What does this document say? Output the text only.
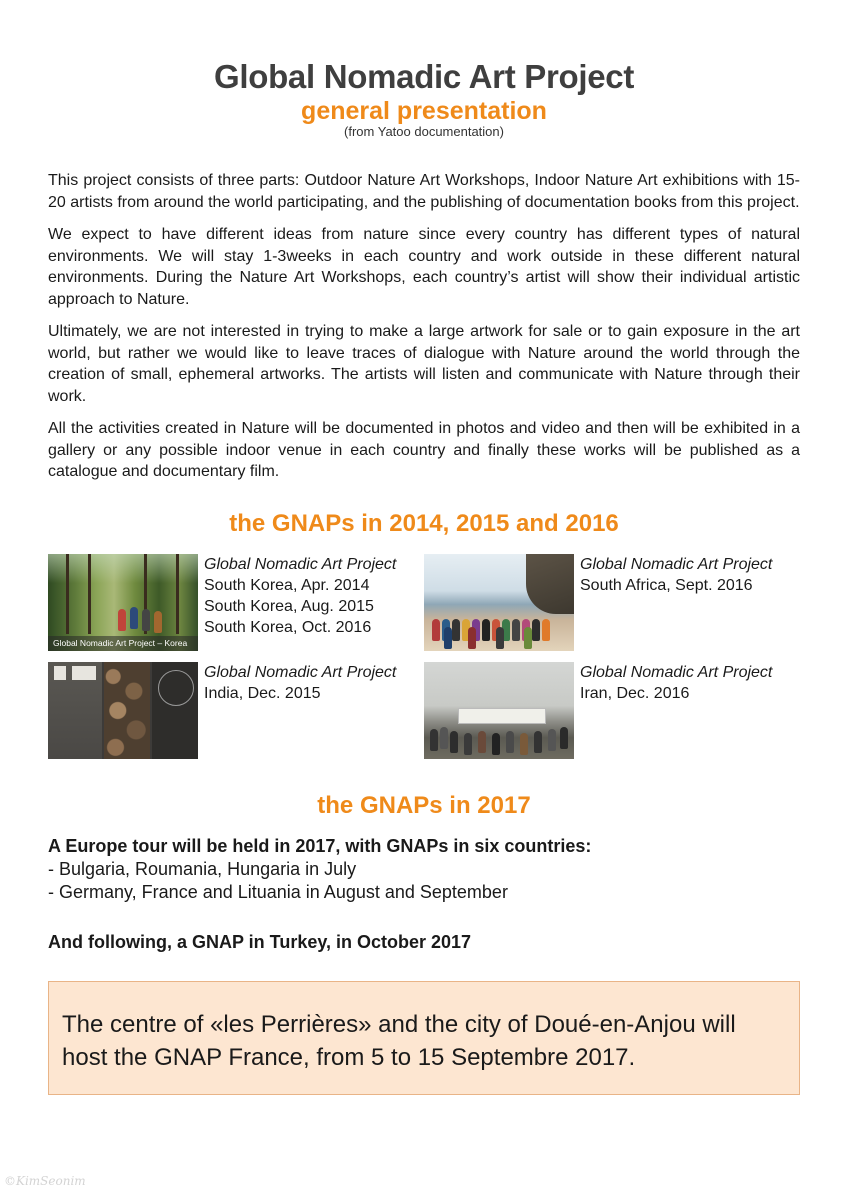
Global Nomadic Art Project
general presentation
(from Yatoo documentation)

This project consists of three parts: Outdoor Nature Art Workshops, Indoor Nature Art exhibitions with 15-20 artists from around the world participating, and the publishing of documentation books from this project.

We expect to have different ideas from nature since every country has different types of natural environments. We will stay 1-3weeks in each country and work outside in these different natural environments. During the Nature Art Workshops, each country’s artist will show their individual artistic approach to Nature.

Ultimately, we are not interested in trying to make a large artwork for sale or to gain exposure in the art world, but rather we would like to leave traces of dialogue with Nature around the world through the creation of small, ephemeral artworks. The artists will listen and communicate with Nature through their work.

All the activities created in Nature will be documented in photos and video and then will be exhibited in a gallery or any possible indoor venue in each country and finally these works will be published as a catalogue and documentary film.

the GNAPs in 2014, 2015 and 2016
Global Nomadic Art Project – Korea
Global Nomadic Art Project
South Korea, Apr. 2014
South Korea, Aug. 2015
South Korea, Oct. 2016
Global Nomadic Art Project
South Africa, Sept. 2016
Global Nomadic Art Project
India, Dec. 2015
Global Nomadic Art Project
Iran, Dec. 2016
the GNAPs in 2017
A Europe tour will be held in 2017, with GNAPs in six countries:
- Bulgaria, Roumania, Hungaria in July
- Germany, France and Lituania in August and September
And following, a GNAP in Turkey, in October 2017
The centre of «les Perrières» and the city of Doué-en-Anjou will host the GNAP France, from 5 to 15 Septembre 2017.
©KimSeonim
